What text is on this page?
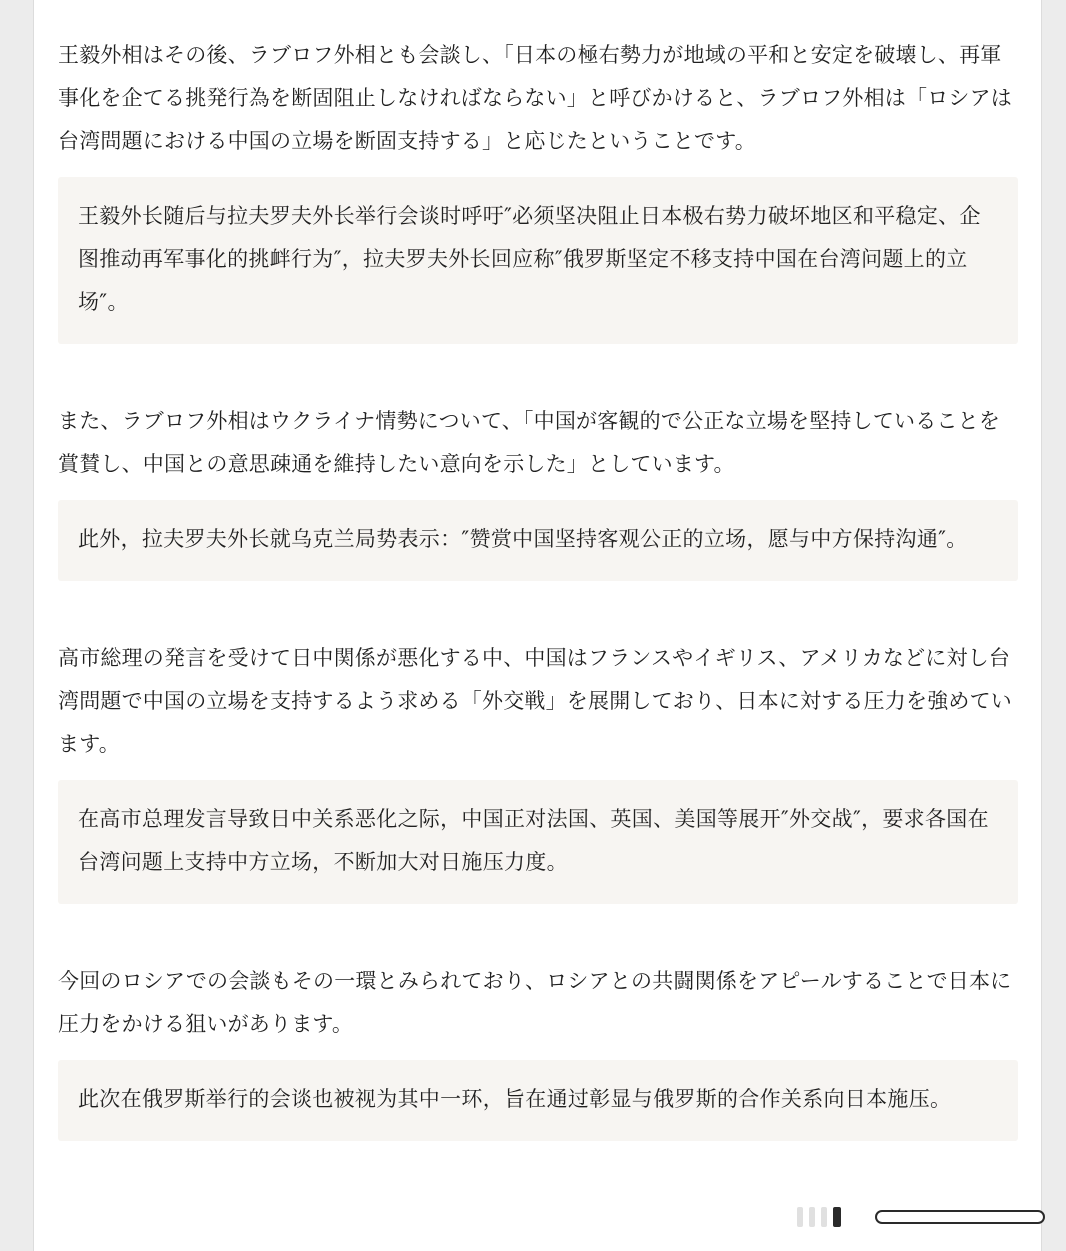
王毅外相はその後、ラブロフ外相とも会談し、「日本の極右勢力が地域の平和と安定を破壊し、再軍事化を企てる挑発行為を断固阻止しなければならない」と呼びかけると、ラブロフ外相は「ロシアは台湾問題における中国の立場を断固支持する」と応じたということです。

王毅外长随后与拉夫罗夫外长举行会谈时呼吁″必须坚决阻止日本极右势力破坏地区和平稳定、企图推动再军事化的挑衅行为″，拉夫罗夫外长回应称″俄罗斯坚定不移支持中国在台湾问题上的立场″。

また、ラブロフ外相はウクライナ情勢について、「中国が客観的で公正な立場を堅持していることを賞賛し、中国との意思疎通を維持したい意向を示した」としています。

此外，拉夫罗夫外长就乌克兰局势表示：″赞赏中国坚持客观公正的立场，愿与中方保持沟通″。

高市総理の発言を受けて日中関係が悪化する中、中国はフランスやイギリス、アメリカなどに対し台湾問題で中国の立場を支持するよう求める「外交戦」を展開しており、日本に対する圧力を強めています。

在高市总理发言导致日中关系恶化之际，中国正对法国、英国、美国等展开″外交战″，要求各国在台湾问题上支持中方立场，不断加大对日施压力度。

今回のロシアでの会談もその一環とみられており、ロシアとの共闘関係をアピールすることで日本に圧力をかける狙いがあります。

此次在俄罗斯举行的会谈也被视为其中一环，旨在通过彰显与俄罗斯的合作关系向日本施压。
